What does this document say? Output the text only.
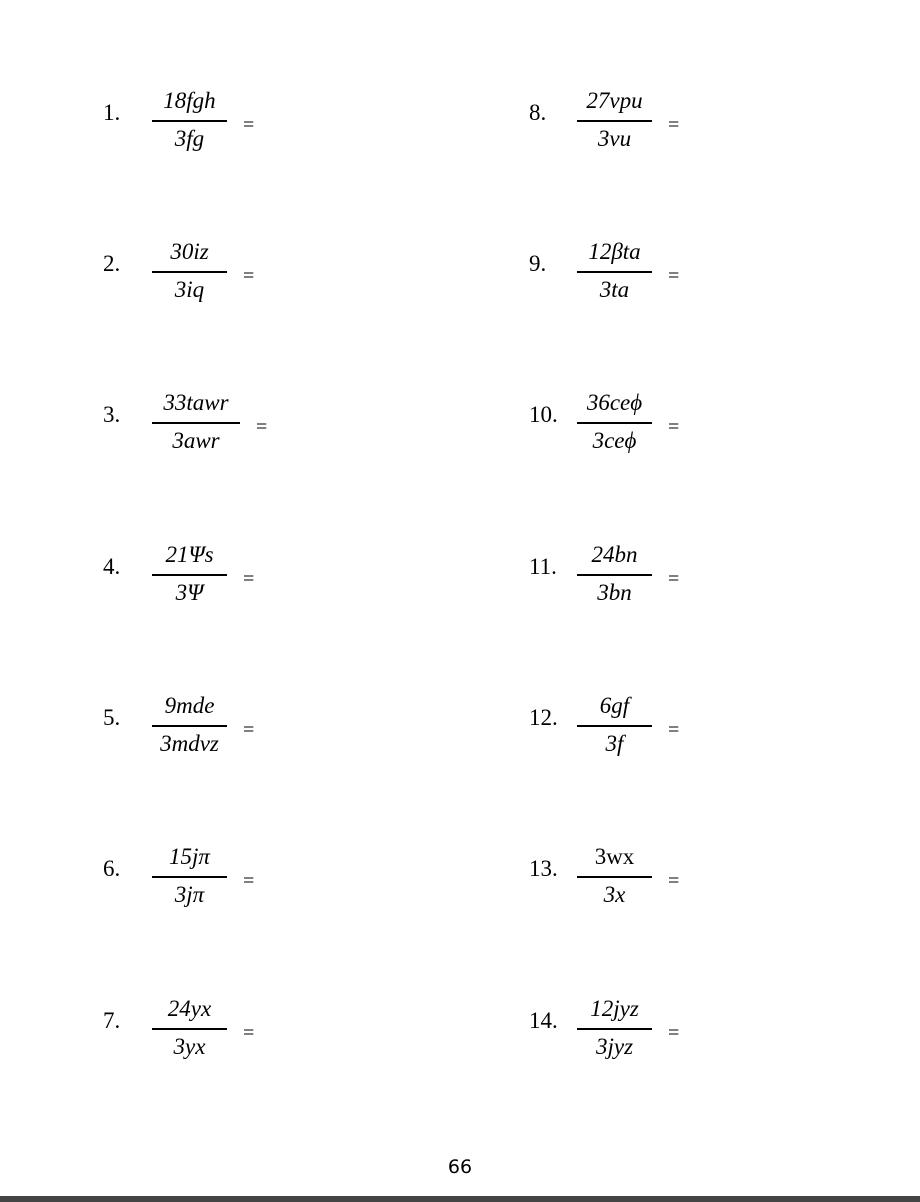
1.	18fgh
3fg
=
2.	30iz
3iq
=
3.	33tawr
3awr
=
4.	21Ψs
3Ψ
=
5.	9mde
3mdvz
=
6.	15jπ
3jπ
=
7.	24yx
3yx
=
8.	27vpu
3vu
=
9.	12βta
3ta
=
10.	36ceϕ
3ceϕ
=
11.	24bn
3bn
=
12.	6gf
3f
=
13.	3wx
3x
=
14.	12jyz
3jyz
=
66
